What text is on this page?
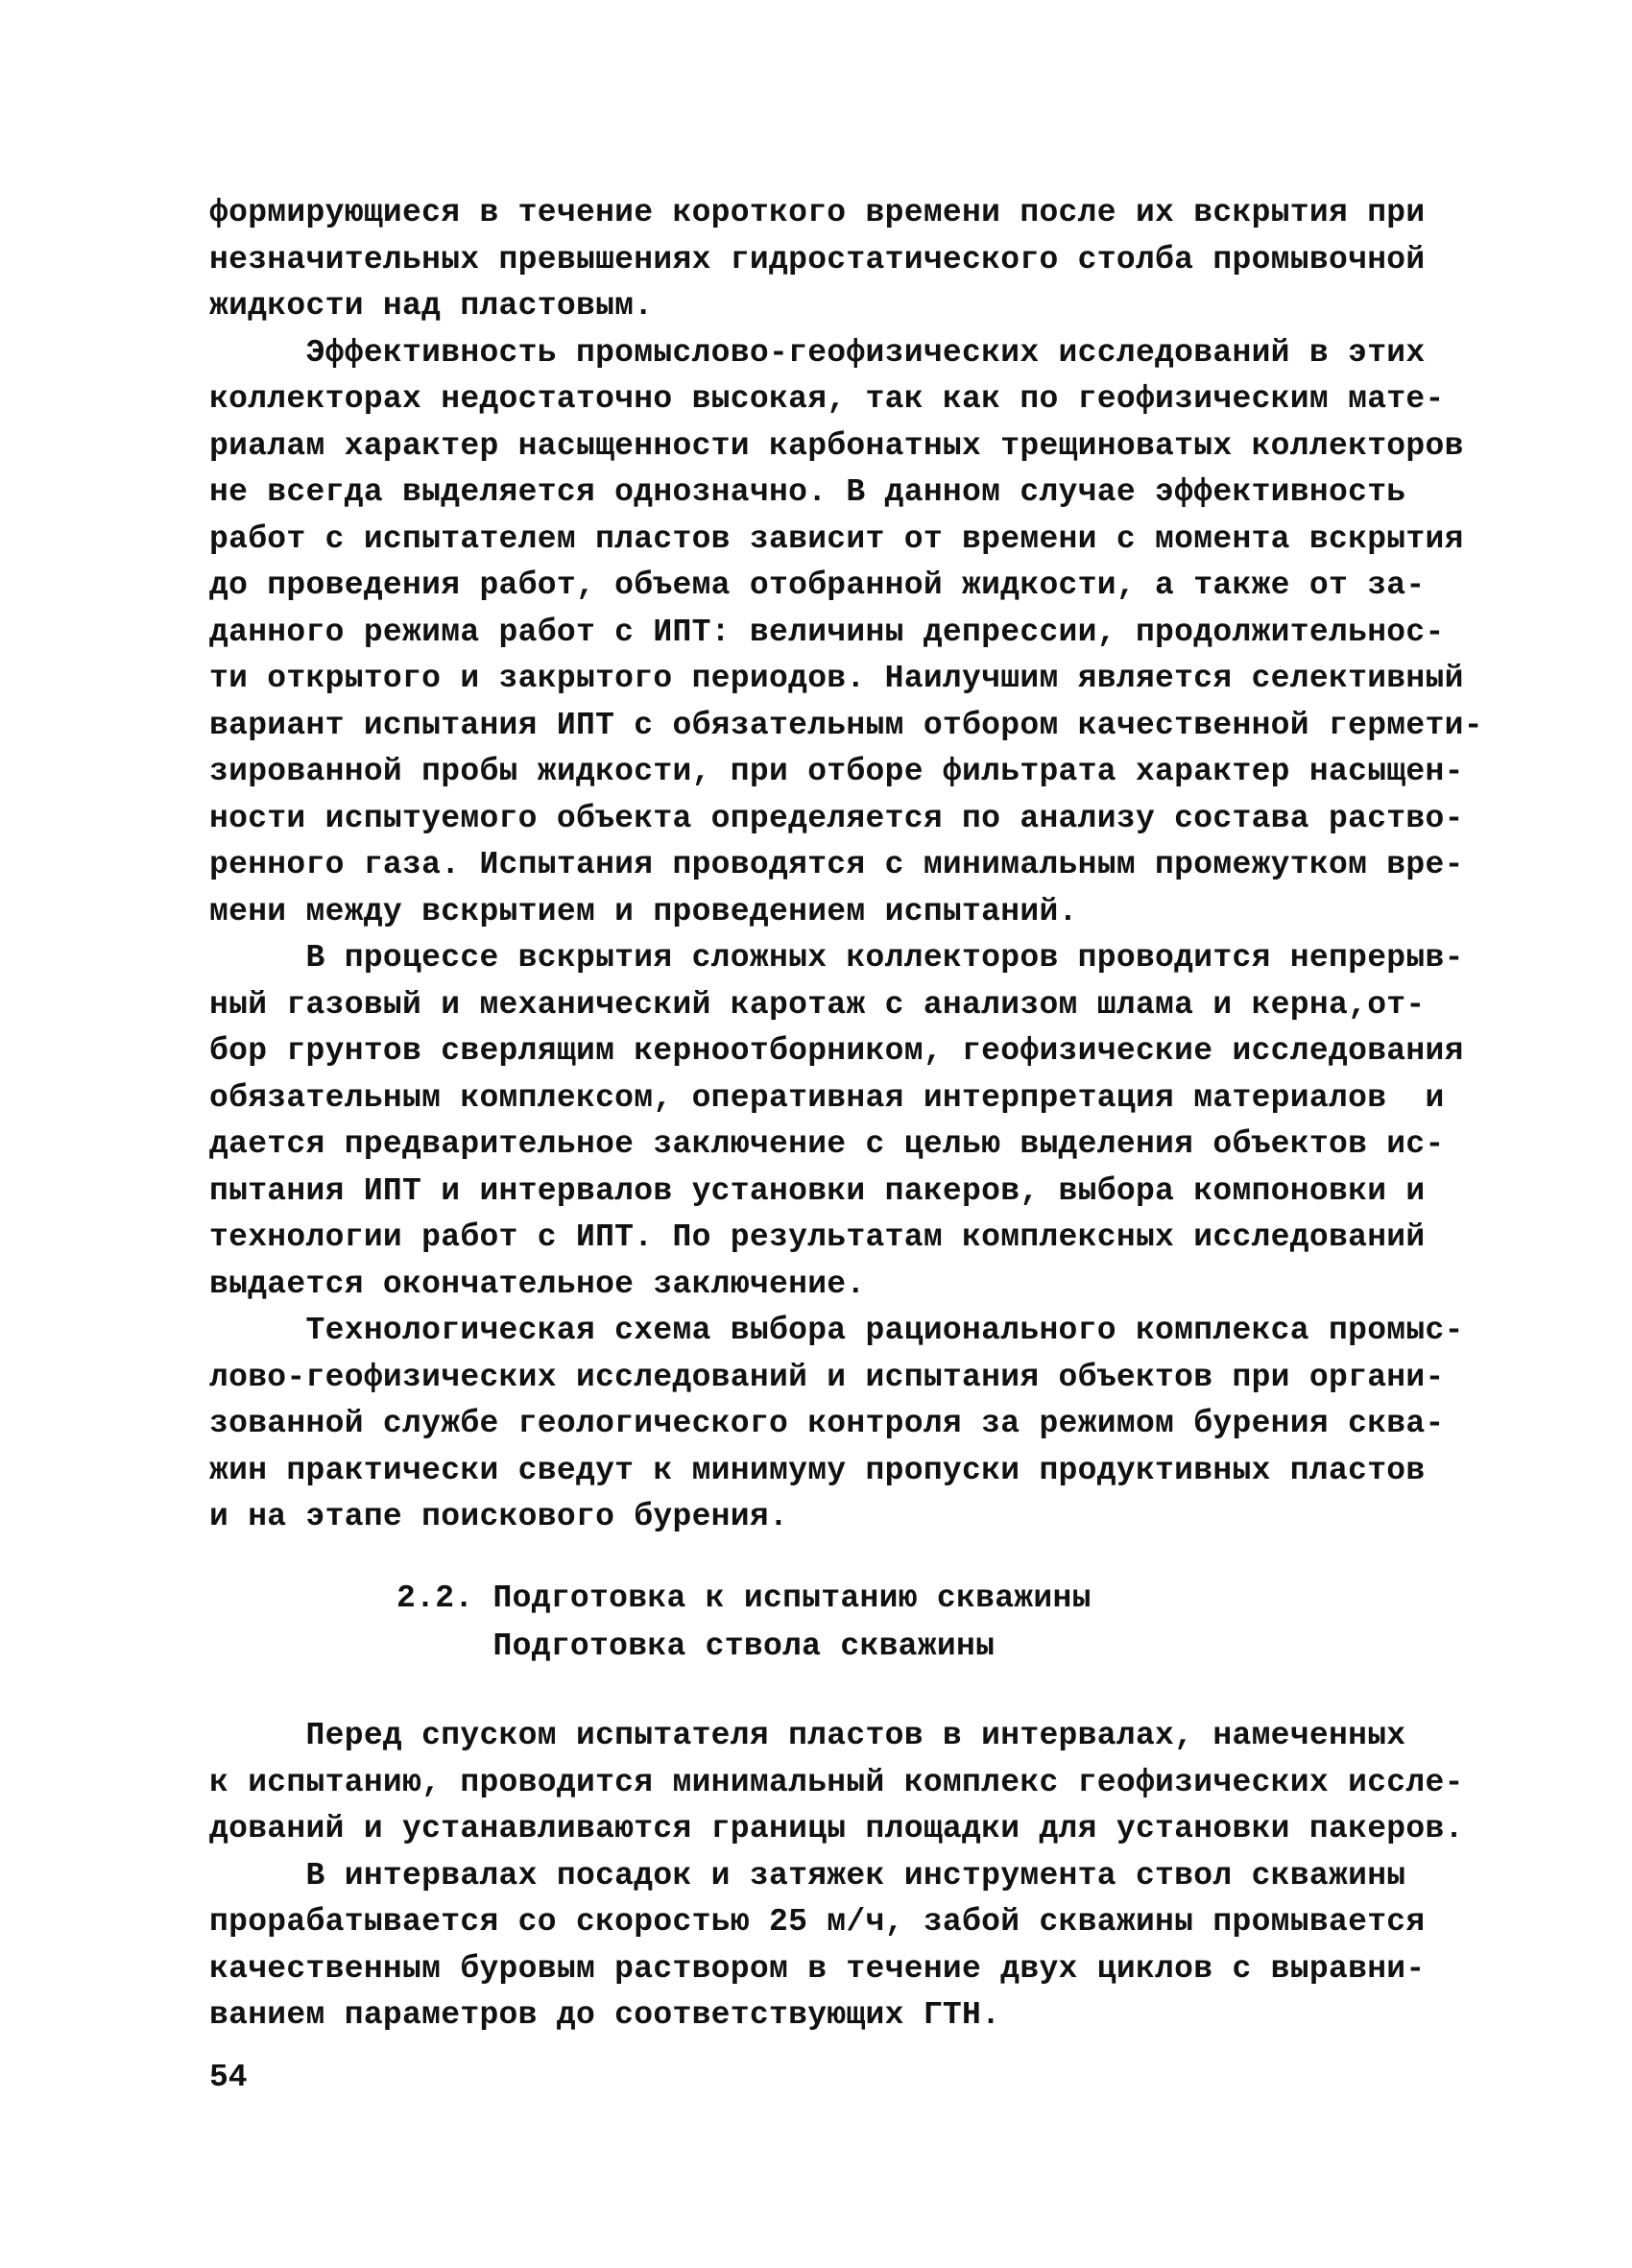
формирующиеся в течение короткого времени после их вскрытия при
незначительных превышениях гидростатического столба промывочной
жидкости над пластовым.
Эффективность промыслово-геофизических исследований в этих
коллекторах недостаточно высокая, так как по геофизическим мате-
риалам характер насыщенности карбонатных трещиноватых коллекторов
не всегда выделяется однозначно. В данном случае эффективность
работ с испытателем пластов зависит от времени с момента вскрытия
до проведения работ, объема отобранной жидкости, а также от за-
данного режима работ с ИПТ: величины депрессии, продолжительнос-
ти открытого и закрытого периодов. Наилучшим является селективный
вариант испытания ИПТ с обязательным отбором качественной гермети-
зированной пробы жидкости, при отборе фильтрата характер насыщен-
ности испытуемого объекта определяется по анализу состава раство-
ренного газа. Испытания проводятся с минимальным промежутком вре-
мени между вскрытием и проведением испытаний.
В процессе вскрытия сложных коллекторов проводится непрерыв-
ный газовый и механический каротаж с анализом шлама и керна,от-
бор грунтов сверлящим керноотборником, геофизические исследования
обязательным комплексом, оперативная интерпретация материалов  и
дается предварительное заключение с целью выделения объектов ис-
пытания ИПТ и интервалов установки пакеров, выбора компоновки и
технологии работ с ИПТ. По результатам комплексных исследований
выдается окончательное заключение.
Технологическая схема выбора рационального комплекса промыс-
лово-геофизических исследований и испытания объектов при органи-
зованной службе геологического контроля за режимом бурения сква-
жин практически сведут к минимуму пропуски продуктивных пластов
и на этапе поискового бурения.
2.2. Подготовка к испытанию скважины
Подготовка ствола скважины
Перед спуском испытателя пластов в интервалах, намеченных
к испытанию, проводится минимальный комплекс геофизических иссле-
дований и устанавливаются границы площадки для установки пакеров.
В интервалах посадок и затяжек инструмента ствол скважины
прорабатывается со скоростью 25 м/ч, забой скважины промывается
качественным буровым раствором в течение двух циклов с выравни-
ванием параметров до соответствующих ГТН.
54
